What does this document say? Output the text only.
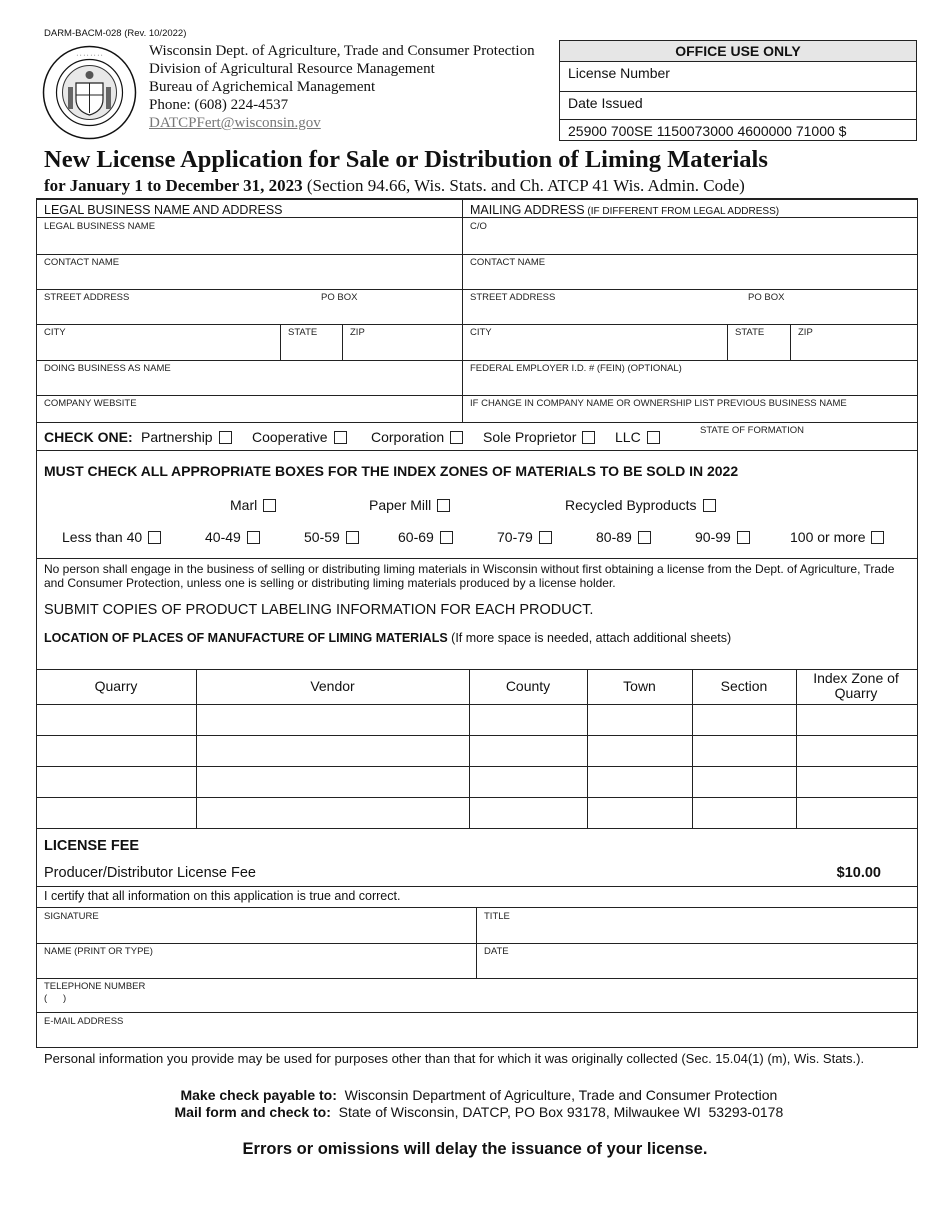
DARM-BACM-028 (Rev. 10/2022)
· · · · · · · ·	Wisconsin Dept. of Agriculture, Trade and Consumer Protection
Division of Agricultural Resource Management
Bureau of Agrichemical Management
Phone: (608) 224-4537
DATCPFert@wisconsin.gov
OFFICE USE ONLY
License Number
Date Issued
25900 700SE 1150073000 4600000 71000 $
New License Application for Sale or Distribution of Liming Materials
for January 1 to December 31, 2023 (Section 94.66, Wis. Stats. and Ch. ATCP 41 Wis. Admin. Code)
LEGAL BUSINESS NAME AND ADDRESS
LEGAL BUSINESS NAME
CONTACT NAME
STREET ADDRESS	PO BOX
CITY	STATE	ZIP
DOING BUSINESS AS NAME
COMPANY WEBSITE
MAILING ADDRESS (IF DIFFERENT FROM LEGAL ADDRESS)
C/O
CONTACT NAME
STREET ADDRESS	PO BOX
CITY	STATE	ZIP
FEDERAL EMPLOYER I.D. # (FEIN) (OPTIONAL)
IF CHANGE IN COMPANY NAME OR OWNERSHIP LIST PREVIOUS BUSINESS NAME
CHECK ONE: Partnership	Cooperative	Corporation	Sole Proprietor	LLC	STATE OF FORMATION
MUST CHECK ALL APPROPRIATE BOXES FOR THE INDEX ZONES OF MATERIALS TO BE SOLD IN 2022
Marl	Paper Mill	Recycled Byproducts
Less than 40	40-49	50-59	60-69	70-79	80-89	90-99	100 or more
No person shall engage in the business of selling or distributing liming materials in Wisconsin without first obtaining a license from the Dept. of Agriculture, Trade and Consumer Protection, unless one is selling or distributing liming materials produced by a license holder.
SUBMIT COPIES OF PRODUCT LABELING INFORMATION FOR EACH PRODUCT.
LOCATION OF PLACES OF MANUFACTURE OF LIMING MATERIALS (If more space is needed, attach additional sheets)
Quarry	Vendor	County	Town	Section	Index Zone of Quarry
LICENSE FEE
Producer/Distributor License Fee	$10.00
I certify that all information on this application is true and correct.
SIGNATURE	TITLE
NAME (PRINT OR TYPE)	DATE
TELEPHONE NUMBER
(      )
E-MAIL ADDRESS
Personal information you provide may be used for purposes other than that for which it was originally collected (Sec. 15.04(1) (m), Wis. Stats.).

Make check payable to:  Wisconsin Department of Agriculture, Trade and Consumer Protection

Mail form and check to:  State of Wisconsin, DATCP, PO Box 93178, Milwaukee WI  53293-0178

Errors or omissions will delay the issuance of your license.
